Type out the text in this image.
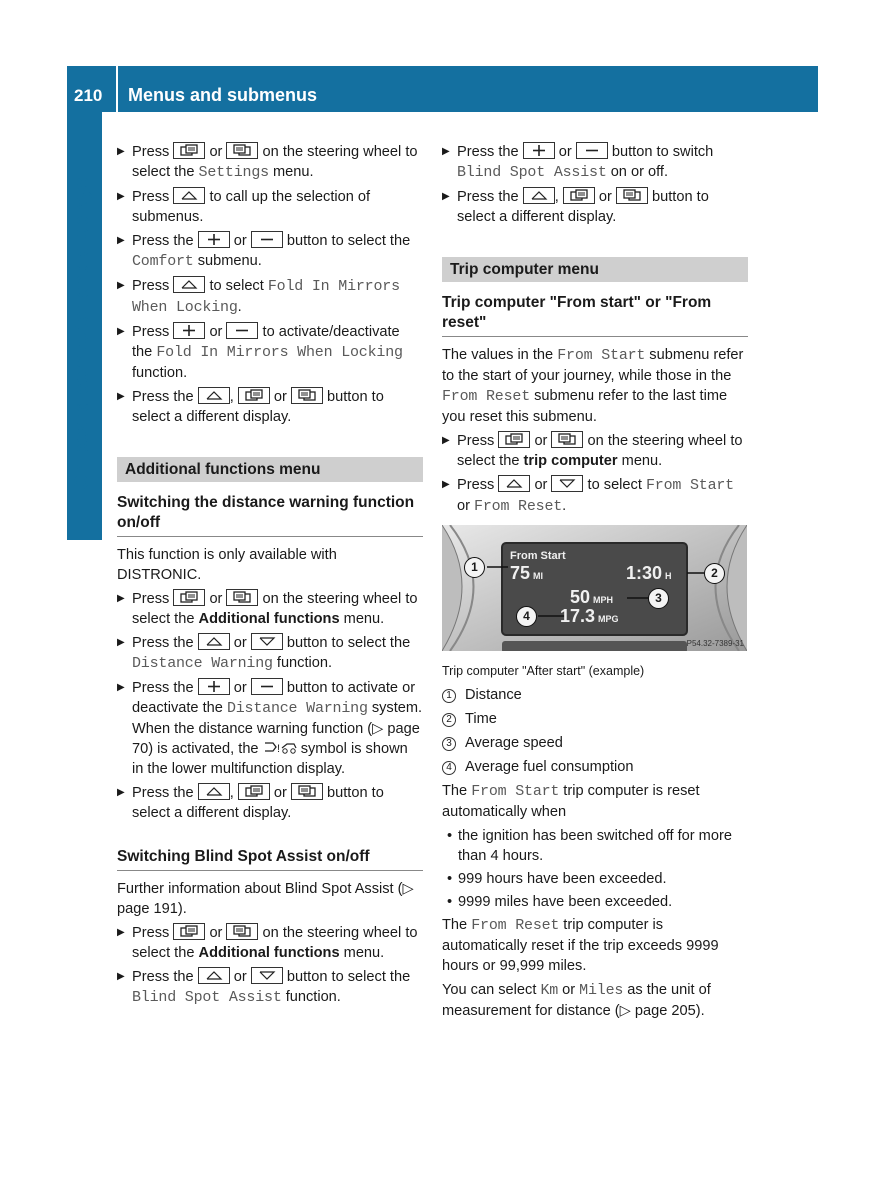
210 Menus and submenus
On-board computer and displays
▶ Press	or	on the steering wheel to select the Settings menu.
▶ Press	to call up the selection of submenus.
▶ Press the	or	button to select the Comfort submenu.
▶ Press	to select Fold In Mirrors When Locking.
▶ Press	or	to activate/deactivate the Fold In Mirrors When Locking function.
▶ Press the ,	or	button to select a different display.
Additional functions menu
Switching the distance warning function on/off
This function is only available with DISTRONIC.
▶ Press	or	on the steering wheel to select the Additional functions menu.
▶ Press the	or	button to select the Distance Warning function.
▶ Press the	or	button to activate or deactivate the Distance Warning system.
When the distance warning function (▷ page 70) is activated, the ! symbol is shown in the lower multifunction display.
▶ Press the ,	or	button to select a different display.
Switching Blind Spot Assist on/off
Further information about Blind Spot Assist (▷ page 191).
▶ Press	or	on the steering wheel to select the Additional functions menu.
▶ Press the	or	button to select the Blind Spot Assist function.
▶ Press the	or	button to switch Blind Spot Assist on or off.
▶ Press the ,	or	button to select a different display.
Trip computer menu
Trip computer "From start" or "From reset"
The values in the From Start submenu refer to the start of your journey, while those in the From Reset submenu refer to the last time you reset this submenu.
▶ Press	or	on the steering wheel to select the trip computer menu.
▶ Press	or	to select From Start or From Reset.
From Start
75 MI	1:30 H
50 MPH
17.3 MPG
1	2
3
4
P54.32-7389-31
Trip computer "After start" (example)
1 Distance
2 Time
3 Average speed
4 Average fuel consumption
The From Start trip computer is reset automatically when
• the ignition has been switched off for more than 4 hours.
• 999 hours have been exceeded.
• 9999 miles have been exceeded.
The From Reset trip computer is automatically reset if the trip exceeds 9999 hours or 99,999 miles.
You can select Km or Miles as the unit of measurement for distance (▷ page 205).
